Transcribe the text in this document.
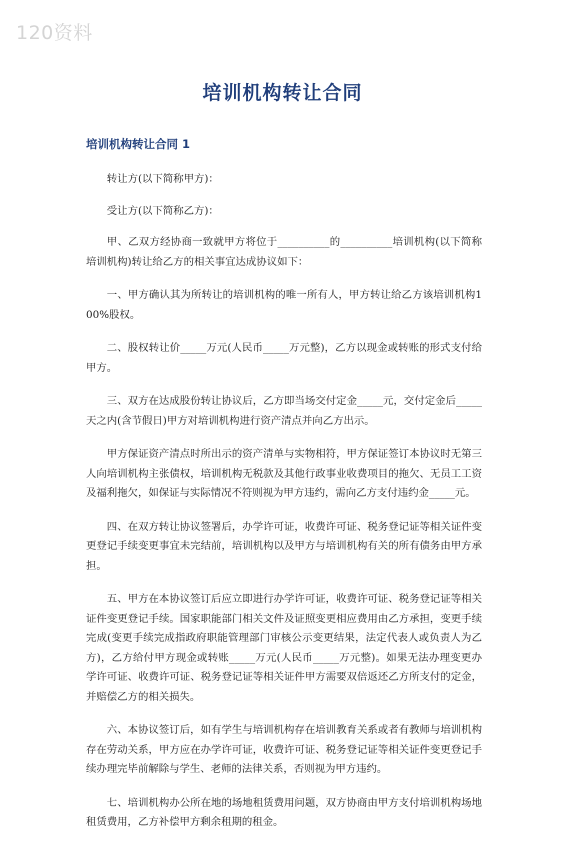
120资料
培训机构转让合同
培训机构转让合同 1

转让方(以下简称甲方)：

受让方(以下简称乙方)：

甲、乙双方经协商一致就甲方将位于__________的__________培训机构(以下简称培训机构)转让给乙方的相关事宜达成协议如下：

一、甲方确认其为所转让的培训机构的唯一所有人，甲方转让给乙方该培训机构100%股权。

二、股权转让价_____万元(人民币_____万元整)，乙方以现金或转账的形式支付给甲方。

三、双方在达成股份转让协议后，乙方即当场交付定金_____元，交付定金后_____天之内(含节假日)甲方对培训机构进行资产清点并向乙方出示。

甲方保证资产清点时所出示的资产清单与实物相符，甲方保证签订本协议时无第三人向培训机构主张债权，培训机构无税款及其他行政事业收费项目的拖欠、无员工工资及福利拖欠，如保证与实际情况不符则视为甲方违约，需向乙方支付违约金_____元。

四、在双方转让协议签署后，办学许可证，收费许可证、税务登记证等相关证件变更登记手续变更事宜未完结前，培训机构以及甲方与培训机构有关的所有债务由甲方承担。

五、甲方在本协议签订后应立即进行办学许可证，收费许可证、税务登记证等相关证件变更登记手续。国家职能部门相关文件及证照变更相应费用由乙方承担，变更手续完成(变更手续完成指政府职能管理部门审核公示变更结果，法定代表人或负责人为乙方)，乙方给付甲方现金或转账_____万元(人民币_____万元整)。如果无法办理变更办学许可证、收费许可证、税务登记证等相关证件甲方需要双倍返还乙方所支付的定金，并赔偿乙方的相关损失。

六、本协议签订后，如有学生与培训机构存在培训教育关系或者有教师与培训机构存在劳动关系，甲方应在办学许可证，收费许可证、税务登记证等相关证件变更登记手续办理完毕前解除与学生、老师的法律关系，否则视为甲方违约。

七、培训机构办公所在地的场地租赁费用问题，双方协商由甲方支付培训机构场地租赁费用，乙方补偿甲方剩余租期的租金。
